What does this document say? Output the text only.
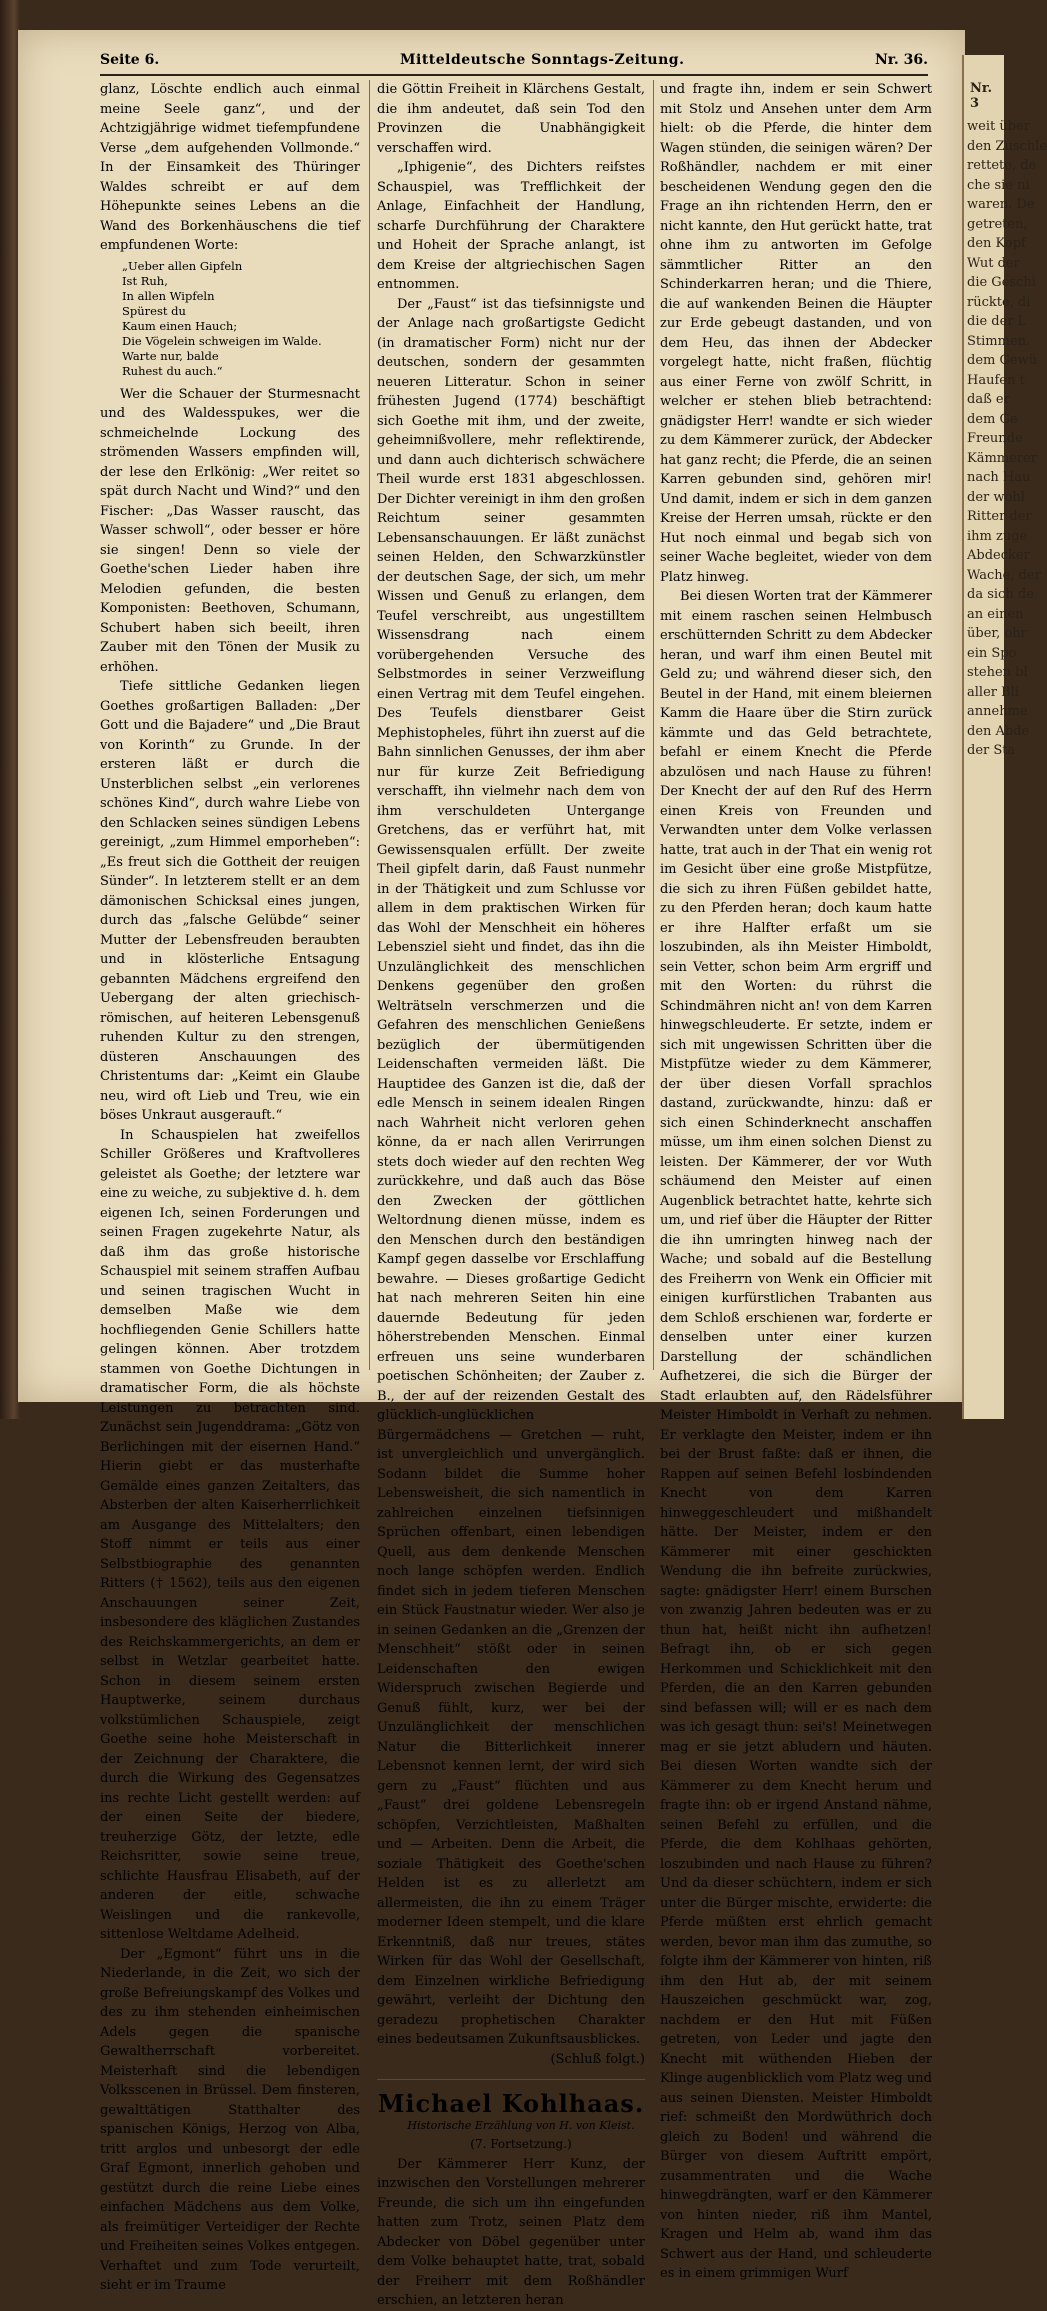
Seite 6.	Mitteldeutsche Sonntags-Zeitung.	Nr. 36.

glanz, Löschte endlich auch einmal meine Seele ganz“, und der Achtzigjährige widmet tiefempfundene Verse „dem aufgehenden Vollmonde.“ In der Einsamkeit des Thüringer Waldes schreibt er auf dem Höhepunkte seines Lebens an die Wand des Borkenhäuschens die tief empfundenen Worte:

„Ueber allen Gipfeln
Ist Ruh,
In allen Wipfeln
Spürest du
Kaum einen Hauch;
Die Vögelein schweigen im Walde.
Warte nur, balde
Ruhest du auch.“

Wer die Schauer der Sturmesnacht und des Waldesspukes, wer die schmeichelnde Lockung des strömenden Wassers empfinden will, der lese den Erlkönig: „Wer reitet so spät durch Nacht und Wind?“ und den Fischer: „Das Wasser rauscht, das Wasser schwoll“, oder besser er höre sie singen! Denn so viele der Goethe'schen Lieder haben ihre Melodien gefunden, die besten Komponisten: Beethoven, Schumann, Schubert haben sich beeilt, ihren Zauber mit den Tönen der Musik zu erhöhen.

Tiefe sittliche Gedanken liegen Goethes großartigen Balladen: „Der Gott und die Bajadere“ und „Die Braut von Korinth“ zu Grunde. In der ersteren läßt er durch die Unsterblichen selbst „ein verlorenes schönes Kind“, durch wahre Liebe von den Schlacken seines sündigen Lebens gereinigt, „zum Himmel emporheben“: „Es freut sich die Gottheit der reuigen Sünder“. In letzterem stellt er an dem dämonischen Schicksal eines jungen, durch das „falsche Gelübde“ seiner Mutter der Lebensfreuden beraubten und in klösterliche Entsagung gebannten Mädchens ergreifend den Uebergang der alten griechisch-römischen, auf heiteren Lebensgenuß ruhenden Kultur zu den strengen, düsteren Anschauungen des Christentums dar: „Keimt ein Glaube neu, wird oft Lieb und Treu, wie ein böses Unkraut ausgerauft.“

In Schauspielen hat zweifellos Schiller Größeres und Kraftvolleres geleistet als Goethe; der letztere war eine zu weiche, zu subjektive d. h. dem eigenen Ich, seinen Forderungen und seinen Fragen zugekehrte Natur, als daß ihm das große historische Schauspiel mit seinem straffen Aufbau und seinen tragischen Wucht in demselben Maße wie dem hochfliegenden Genie Schillers hatte gelingen können. Aber trotzdem stammen von Goethe Dichtungen in dramatischer Form, die als höchste Leistungen zu betrachten sind. Zunächst sein Jugenddrama: „Götz von Berlichingen mit der eisernen Hand.“ Hierin giebt er das musterhafte Gemälde eines ganzen Zeitalters, das Absterben der alten Kaiserherrlichkeit am Ausgange des Mittelalters; den Stoff nimmt er teils aus einer Selbstbiographie des genannten Ritters († 1562), teils aus den eigenen Anschauungen seiner Zeit, insbesondere des kläglichen Zustandes des Reichskammergerichts, an dem er selbst in Wetzlar gearbeitet hatte. Schon in diesem seinem ersten Hauptwerke, seinem durchaus volkstümlichen Schauspiele, zeigt Goethe seine hohe Meisterschaft in der Zeichnung der Charaktere, die durch die Wirkung des Gegensatzes ins rechte Licht gestellt werden: auf der einen Seite der biedere, treuherzige Götz, der letzte, edle Reichsritter, sowie seine treue, schlichte Hausfrau Elisabeth, auf der anderen der eitle, schwache Weislingen und die rankevolle, sittenlose Weltdame Adelheid.

Der „Egmont“ führt uns in die Niederlande, in die Zeit, wo sich der große Befreiungskampf des Volkes und des zu ihm stehenden einheimischen Adels gegen die spanische Gewaltherrschaft vorbereitet. Meisterhaft sind die lebendigen Volksscenen in Brüssel. Dem finsteren, gewalttätigen Statthalter des spanischen Königs, Herzog von Alba, tritt arglos und unbesorgt der edle Graf Egmont, innerlich gehoben und gestützt durch die reine Liebe eines einfachen Mädchens aus dem Volke, als freimütiger Verteidiger der Rechte und Freiheiten seines Volkes entgegen. Verhaftet und zum Tode verurteilt, sieht er im Traume

die Göttin Freiheit in Klärchens Gestalt, die ihm andeutet, daß sein Tod den Provinzen die Unabhängigkeit verschaffen wird.

„Iphigenie“, des Dichters reifstes Schauspiel, was Trefflichkeit der Anlage, Einfachheit der Handlung, scharfe Durchführung der Charaktere und Hoheit der Sprache anlangt, ist dem Kreise der altgriechischen Sagen entnommen.

Der „Faust“ ist das tiefsinnigste und der Anlage nach großartigste Gedicht (in dramatischer Form) nicht nur der deutschen, sondern der gesammten neueren Litteratur. Schon in seiner frühesten Jugend (1774) beschäftigt sich Goethe mit ihm, und der zweite, geheimnißvollere, mehr reflektirende, und dann auch dichterisch schwächere Theil wurde erst 1831 abgeschlossen. Der Dichter vereinigt in ihm den großen Reichtum seiner gesammten Lebensanschauungen. Er läßt zunächst seinen Helden, den Schwarzkünstler der deutschen Sage, der sich, um mehr Wissen und Genuß zu erlangen, dem Teufel verschreibt, aus ungestilltem Wissensdrang nach einem vorübergehenden Versuche des Selbstmordes in seiner Verzweiflung einen Vertrag mit dem Teufel eingehen. Des Teufels dienstbarer Geist Mephistopheles, führt ihn zuerst auf die Bahn sinnlichen Genusses, der ihm aber nur für kurze Zeit Befriedigung verschafft, ihn vielmehr nach dem von ihm verschuldeten Untergange Gretchens, das er verführt hat, mit Gewissensqualen erfüllt. Der zweite Theil gipfelt darin, daß Faust nunmehr in der Thätigkeit und zum Schlusse vor allem in dem praktischen Wirken für das Wohl der Menschheit ein höheres Lebensziel sieht und findet, das ihn die Unzulänglichkeit des menschlichen Denkens gegenüber den großen Welträtseln verschmerzen und die Gefahren des menschlichen Genießens bezüglich der übermütigenden Leidenschaften vermeiden läßt. Die Hauptidee des Ganzen ist die, daß der edle Mensch in seinem idealen Ringen nach Wahrheit nicht verloren gehen könne, da er nach allen Verirrungen stets doch wieder auf den rechten Weg zurückkehre, und daß auch das Böse den Zwecken der göttlichen Weltordnung dienen müsse, indem es den Menschen durch den beständigen Kampf gegen dasselbe vor Erschlaffung bewahre. — Dieses großartige Gedicht hat nach mehreren Seiten hin eine dauernde Bedeutung für jeden höherstrebenden Menschen. Einmal erfreuen uns seine wunderbaren poetischen Schönheiten; der Zauber z. B., der auf der reizenden Gestalt des glücklich-unglücklichen Bürgermädchens — Gretchen — ruht, ist unvergleichlich und unvergänglich. Sodann bildet die Summe hoher Lebensweisheit, die sich namentlich in zahlreichen einzelnen tiefsinnigen Sprüchen offenbart, einen lebendigen Quell, aus dem denkende Menschen noch lange schöpfen werden. Endlich findet sich in jedem tieferen Menschen ein Stück Faustnatur wieder. Wer also je in seinen Gedanken an die „Grenzen der Menschheit“ stößt oder in seinen Leidenschaften den ewigen Widerspruch zwischen Begierde und Genuß fühlt, kurz, wer bei der Unzulänglichkeit der menschlichen Natur die Bitterlichkeit innerer Lebensnot kennen lernt, der wird sich gern zu „Faust“ flüchten und aus „Faust“ drei goldene Lebensregeln schöpfen, Verzichtleisten, Maßhalten und — Arbeiten. Denn die Arbeit, die soziale Thätigkeit des Goethe'schen Helden ist es zu allerletzt am allermeisten, die ihn zu einem Träger moderner Ideen stempelt, und die klare Erkenntniß, daß nur treues, stätes Wirken für das Wohl der Gesellschaft, dem Einzelnen wirkliche Befriedigung gewährt, verleiht der Dichtung den geradezu prophetischen Charakter eines bedeutsamen Zukunftsausblickes.

(Schluß folgt.)
Michael Kohlhaas.

Historische Erzählung von H. von Kleist.

(7. Fortsetzung.)

Der Kämmerer Herr Kunz, der inzwischen den Vorstellungen mehrerer Freunde, die sich um ihn eingefunden hatten zum Trotz, seinen Platz dem Abdecker von Döbel gegenüber unter dem Volke behauptet hatte, trat, sobald der Freiherr mit dem Roßhändler erschien, an letzteren heran

und fragte ihn, indem er sein Schwert mit Stolz und Ansehen unter dem Arm hielt: ob die Pferde, die hinter dem Wagen stünden, die seinigen wären? Der Roßhändler, nachdem er mit einer bescheidenen Wendung gegen den die Frage an ihn richtenden Herrn, den er nicht kannte, den Hut gerückt hatte, trat ohne ihm zu antworten im Gefolge sämmtlicher Ritter an den Schinderkarren heran; und die Thiere, die auf wankenden Beinen die Häupter zur Erde gebeugt dastanden, und von dem Heu, das ihnen der Abdecker vorgelegt hatte, nicht fraßen, flüchtig aus einer Ferne von zwölf Schritt, in welcher er stehen blieb betrachtend: gnädigster Herr! wandte er sich wieder zu dem Kämmerer zurück, der Abdecker hat ganz recht; die Pferde, die an seinen Karren gebunden sind, gehören mir! Und damit, indem er sich in dem ganzen Kreise der Herren umsah, rückte er den Hut noch einmal und begab sich von seiner Wache begleitet, wieder von dem Platz hinweg.

Bei diesen Worten trat der Kämmerer mit einem raschen seinen Helmbusch erschütternden Schritt zu dem Abdecker heran, und warf ihm einen Beutel mit Geld zu; und während dieser sich, den Beutel in der Hand, mit einem bleiernen Kamm die Haare über die Stirn zurück kämmte und das Geld betrachtete, befahl er einem Knecht die Pferde abzulösen und nach Hause zu führen! Der Knecht der auf den Ruf des Herrn einen Kreis von Freunden und Verwandten unter dem Volke verlassen hatte, trat auch in der That ein wenig rot im Gesicht über eine große Mistpfütze, die sich zu ihren Füßen gebildet hatte, zu den Pferden heran; doch kaum hatte er ihre Halfter erfaßt um sie loszubinden, als ihn Meister Himboldt, sein Vetter, schon beim Arm ergriff und mit den Worten: du rührst die Schindmähren nicht an! von dem Karren hinwegschleuderte. Er setzte, indem er sich mit ungewissen Schritten über die Mistpfütze wieder zu dem Kämmerer, der über diesen Vorfall sprachlos dastand, zurückwandte, hinzu: daß er sich einen Schinderknecht anschaffen müsse, um ihm einen solchen Dienst zu leisten. Der Kämmerer, der vor Wuth schäumend den Meister auf einen Augenblick betrachtet hatte, kehrte sich um, und rief über die Häupter der Ritter die ihn umringten hinweg nach der Wache; und sobald auf die Bestellung des Freiherrn von Wenk ein Officier mit einigen kurfürstlichen Trabanten aus dem Schloß erschienen war, forderte er denselben unter einer kurzen Darstellung der schändlichen Aufhetzerei, die sich die Bürger der Stadt erlaubten auf, den Rädelsführer Meister Himboldt in Verhaft zu nehmen. Er verklagte den Meister, indem er ihn bei der Brust faßte: daß er ihnen, die Rappen auf seinen Befehl losbindenden Knecht von dem Karren hinweggeschleudert und mißhandelt hätte. Der Meister, indem er den Kämmerer mit einer geschickten Wendung die ihn befreite zurückwies, sagte: gnädigster Herr! einem Burschen von zwanzig Jahren bedeuten was er zu thun hat, heißt nicht ihn aufhetzen! Befragt ihn, ob er sich gegen Herkommen und Schicklichkeit mit den Pferden, die an den Karren gebunden sind befassen will; will er es nach dem was ich gesagt thun: sei's! Meinetwegen mag er sie jetzt abludern und häuten. Bei diesen Worten wandte sich der Kämmerer zu dem Knecht herum und fragte ihn: ob er irgend Anstand nähme, seinen Befehl zu erfüllen, und die Pferde, die dem Kohlhaas gehörten, loszubinden und nach Hause zu führen? Und da dieser schüchtern, indem er sich unter die Bürger mischte, erwiderte: die Pferde müßten erst ehrlich gemacht werden, bevor man ihm das zumuthe, so folgte ihm der Kämmerer von hinten, riß ihm den Hut ab, der mit seinem Hauszeichen geschmückt war, zog, nachdem er den Hut mit Füßen getreten, von Leder und jagte den Knecht mit wüthenden Hieben der Klinge augenblicklich vom Platz weg und aus seinen Diensten. Meister Himboldt rief: schmeißt den Mordwüthrich doch gleich zu Boden! und während die Bürger von diesem Auftritt empört, zusammentraten und die Wache hinwegdrängten, warf er den Kämmerer von hinten nieder, riß ihm Mantel, Kragen und Helm ab, wand ihm das Schwert aus der Hand, und schleuderte es in einem grimmigen Wurf

Nr. 3
weit über
den Zuschle
rettete, de
che sie ni
waren. De
getreten,
den Kopf
Wut der
die Geschi
rückte, di
die der L
Stimmen.
dem Gewü
Haufen t
daß er
dem Ge
Freunde
Kämmerer
nach Hau
der wohl
Ritter der
ihm zuge
Abdecker
Wache, der
da sich de
an einen
über, ohr
ein Spo
stehen bl
aller Bli
annehme
den Abde
der Sta
